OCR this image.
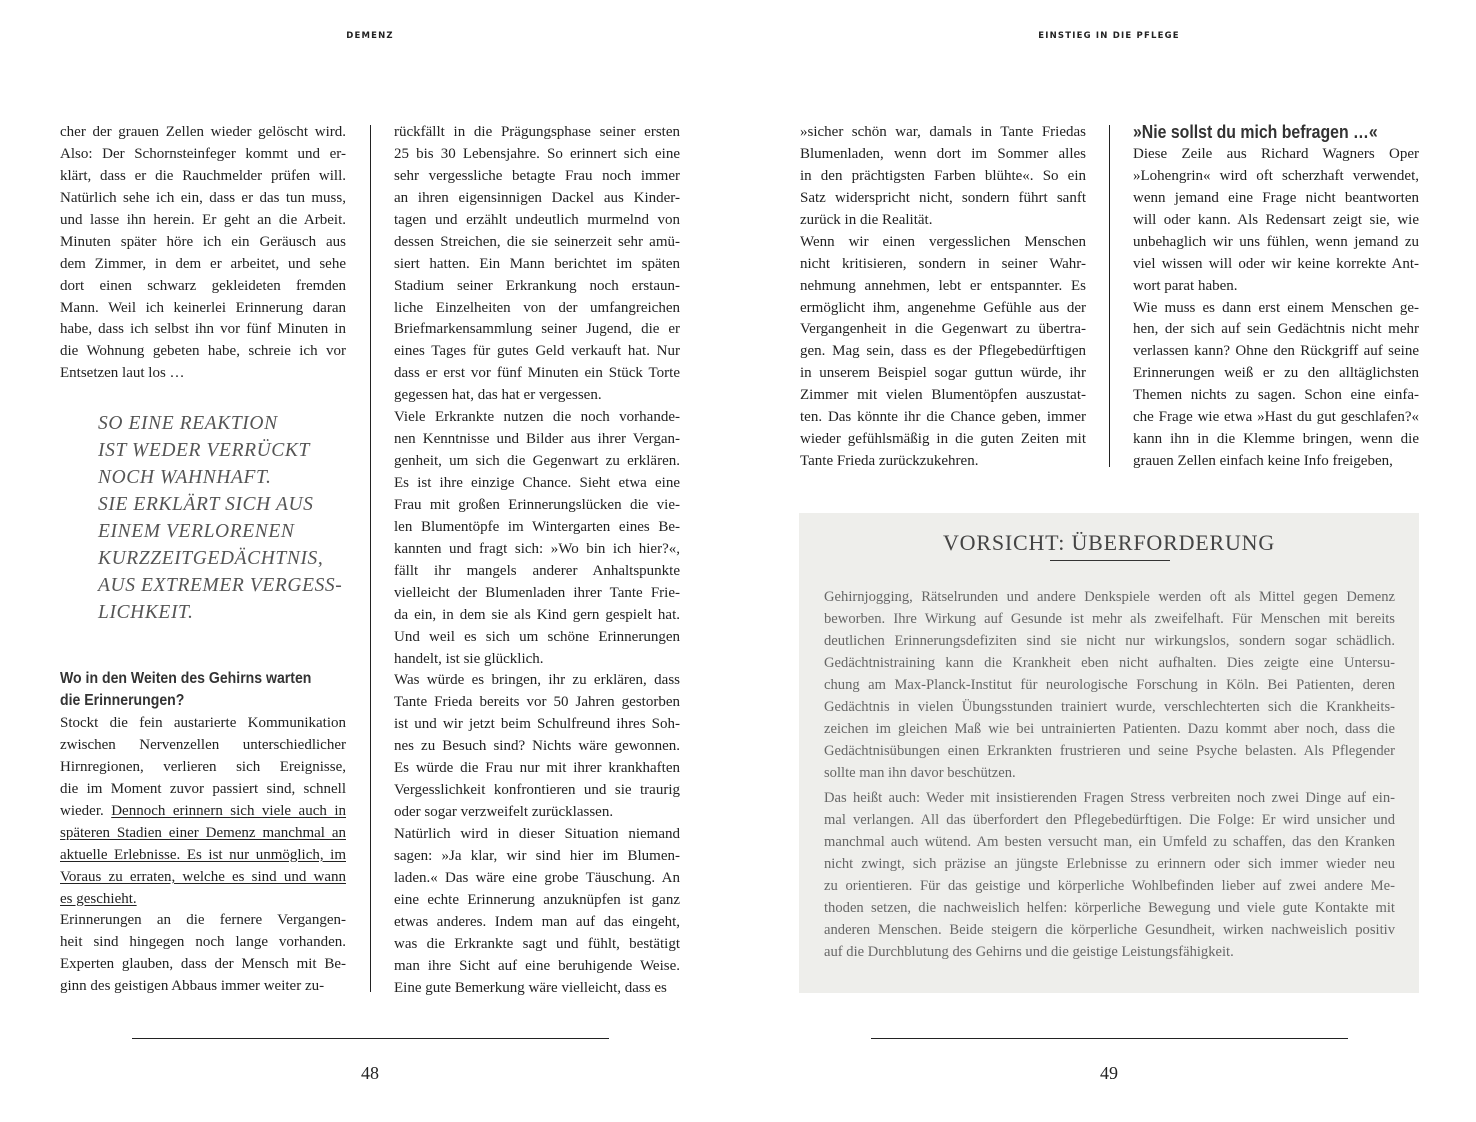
DEMENZ	EINSTIEG IN DIE PFLEGE
cher der grauen Zellen wieder gelöscht wird.
Also: Der Schornsteinfeger kommt und er-
klärt, dass er die Rauchmelder prüfen will.
Natürlich sehe ich ein, dass er das tun muss,
und lasse ihn herein. Er geht an die Arbeit.
Minuten später höre ich ein Geräusch aus
dem Zimmer, in dem er arbeitet, und sehe
dort einen schwarz gekleideten fremden
Mann. Weil ich keinerlei Erinnerung daran
habe, dass ich selbst ihn vor fünf Minuten in
die Wohnung gebeten habe, schreie ich vor
Entsetzen laut los …
SO EINE REAKTION
IST WEDER VERRÜCKT
NOCH WAHNHAFT.
SIE ERKLÄRT SICH AUS
EINEM VERLORENEN
KURZZEITGEDÄCHTNIS,
AUS EXTREMER VERGESS-
LICHKEIT.
Wo in den Weiten des Gehirns warten
die Erinnerungen?
Stockt die fein austarierte Kommunikation
zwischen Nervenzellen unterschiedlicher
Hirnregionen, verlieren sich Ereignisse,
die im Moment zuvor passiert sind, schnell
wieder. Dennoch erinnern sich viele auch in
späteren Stadien einer Demenz manchmal an
aktuelle Erlebnisse. Es ist nur unmöglich, im
Voraus zu erraten, welche es sind und wann
es geschieht.
Erinnerungen an die fernere Vergangen-
heit sind hingegen noch lange vorhanden.
Experten glauben, dass der Mensch mit Be-
ginn des geistigen Abbaus immer weiter zu-
rückfällt in die Prägungsphase seiner ersten
25 bis 30 Lebensjahre. So erinnert sich eine
sehr vergessliche betagte Frau noch immer
an ihren eigensinnigen Dackel aus Kinder-
tagen und erzählt undeutlich murmelnd von
dessen Streichen, die sie seinerzeit sehr amü-
siert hatten. Ein Mann berichtet im späten
Stadium seiner Erkrankung noch erstaun-
liche Einzelheiten von der umfangreichen
Briefmarkensammlung seiner Jugend, die er
eines Tages für gutes Geld verkauft hat. Nur
dass er erst vor fünf Minuten ein Stück Torte
gegessen hat, das hat er vergessen.
Viele Erkrankte nutzen die noch vorhande-
nen Kenntnisse und Bilder aus ihrer Vergan-
genheit, um sich die Gegenwart zu erklären.
Es ist ihre einzige Chance. Sieht etwa eine
Frau mit großen Erinnerungslücken die vie-
len Blumentöpfe im Wintergarten eines Be-
kannten und fragt sich: »Wo bin ich hier?«,
fällt ihr mangels anderer Anhaltspunkte
vielleicht der Blumenladen ihrer Tante Frie-
da ein, in dem sie als Kind gern gespielt hat.
Und weil es sich um schöne Erinnerungen
handelt, ist sie glücklich.
Was würde es bringen, ihr zu erklären, dass
Tante Frieda bereits vor 50 Jahren gestorben
ist und wir jetzt beim Schulfreund ihres Soh-
nes zu Besuch sind? Nichts wäre gewonnen.
Es würde die Frau nur mit ihrer krankhaften
Vergesslichkeit konfrontieren und sie traurig
oder sogar verzweifelt zurücklassen.
Natürlich wird in dieser Situation niemand
sagen: »Ja klar, wir sind hier im Blumen-
laden.« Das wäre eine grobe Täuschung. An
eine echte Erinnerung anzuknüpfen ist ganz
etwas anderes. Indem man auf das eingeht,
was die Erkrankte sagt und fühlt, bestätigt
man ihre Sicht auf eine beruhigende Weise.
Eine gute Bemerkung wäre vielleicht, dass es
»sicher schön war, damals in Tante Friedas
Blumenladen, wenn dort im Sommer alles
in den prächtigsten Farben blühte«. So ein
Satz widerspricht nicht, sondern führt sanft
zurück in die Realität.
Wenn wir einen vergesslichen Menschen
nicht kritisieren, sondern in seiner Wahr-
nehmung annehmen, lebt er entspannter. Es
ermöglicht ihm, angenehme Gefühle aus der
Vergangenheit in die Gegenwart zu übertra-
gen. Mag sein, dass es der Pflegebedürftigen
in unserem Beispiel sogar guttun würde, ihr
Zimmer mit vielen Blumentöpfen auszustat-
ten. Das könnte ihr die Chance geben, immer
wieder gefühlsmäßig in die guten Zeiten mit
Tante Frieda zurückzukehren.
»Nie sollst du mich befragen …«
Diese Zeile aus Richard Wagners Oper
»Lohengrin« wird oft scherzhaft verwendet,
wenn jemand eine Frage nicht beantworten
will oder kann. Als Redensart zeigt sie, wie
unbehaglich wir uns fühlen, wenn jemand zu
viel wissen will oder wir keine korrekte Ant-
wort parat haben.
Wie muss es dann erst einem Menschen ge-
hen, der sich auf sein Gedächtnis nicht mehr
verlassen kann? Ohne den Rückgriff auf seine
Erinnerungen weiß er zu den alltäglichsten
Themen nichts zu sagen. Schon eine einfa-
che Frage wie etwa »Hast du gut geschlafen?«
kann ihn in die Klemme bringen, wenn die
grauen Zellen einfach keine Info freigeben,
VORSICHT: ÜBERFORDERUNG
Gehirnjogging, Rätselrunden und andere Denkspiele werden oft als Mittel gegen Demenz
beworben. Ihre Wirkung auf Gesunde ist mehr als zweifelhaft. Für Menschen mit bereits
deutlichen Erinnerungsdefiziten sind sie nicht nur wirkungslos, sondern sogar schädlich.
Gedächtnistraining kann die Krankheit eben nicht aufhalten. Dies zeigte eine Untersu-
chung am Max-Planck-Institut für neurologische Forschung in Köln. Bei Patienten, deren
Gedächtnis in vielen Übungsstunden trainiert wurde, verschlechterten sich die Krankheits-
zeichen im gleichen Maß wie bei untrainierten Patienten. Dazu kommt aber noch, dass die
Gedächtnisübungen einen Erkrankten frustrieren und seine Psyche belasten. Als Pflegender
sollte man ihn davor beschützen.
Das heißt auch: Weder mit insistierenden Fragen Stress verbreiten noch zwei Dinge auf ein-
mal verlangen. All das überfordert den Pflegebedürftigen. Die Folge: Er wird unsicher und
manchmal auch wütend. Am besten versucht man, ein Umfeld zu schaffen, das den Kranken
nicht zwingt, sich präzise an jüngste Erlebnisse zu erinnern oder sich immer wieder neu
zu orientieren. Für das geistige und körperliche Wohlbefinden lieber auf zwei andere Me-
thoden setzen, die nachweislich helfen: körperliche Bewegung und viele gute Kontakte mit
anderen Menschen. Beide steigern die körperliche Gesundheit, wirken nachweislich positiv
auf die Durchblutung des Gehirns und die geistige Leistungsfähigkeit.
48	49
